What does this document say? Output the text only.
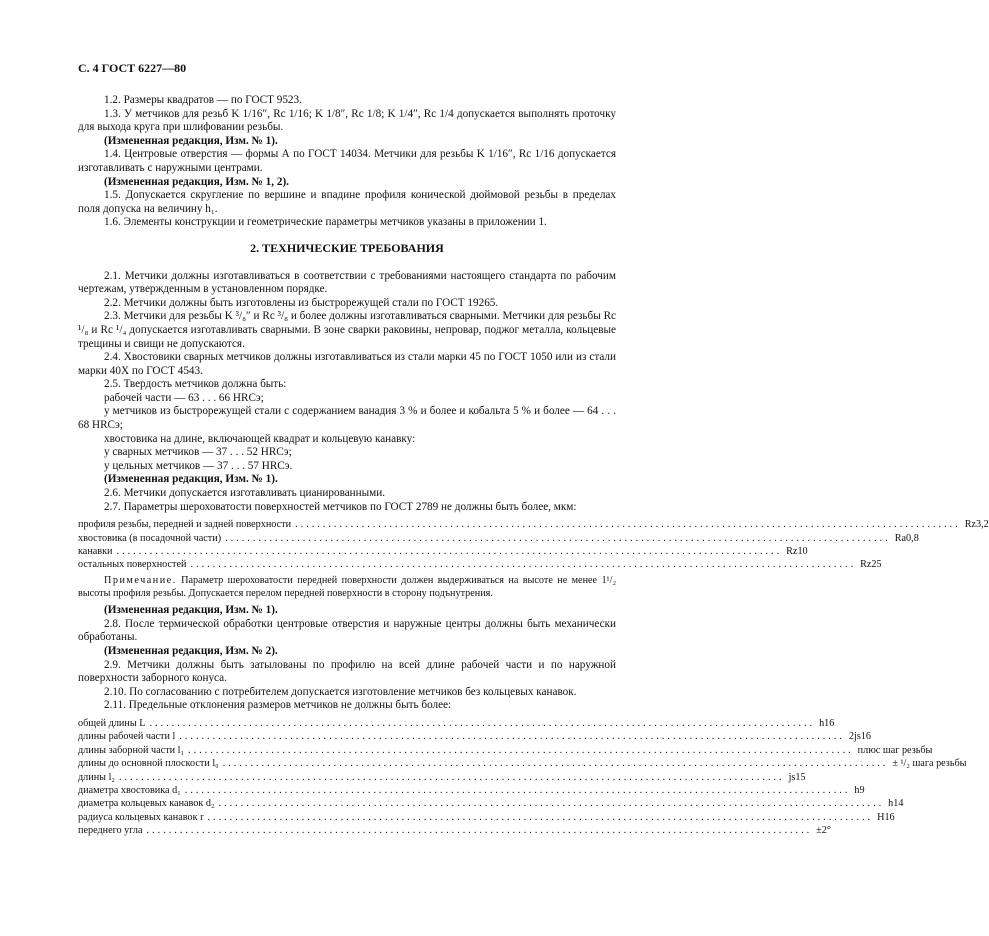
С. 4 ГОСТ 6227—80

1.2. Размеры квадратов — по ГОСТ 9523.

1.3. У метчиков для резьб K 1/16″, Rc 1/16; K 1/8″, Rc 1/8; K 1/4″, Rc 1/4 допускается выполнять проточку для выхода круга при шлифовании резьбы.

(Измененная редакция, Изм. № 1).

1.4. Центровые отверстия — формы А по ГОСТ 14034. Метчики для резьбы K 1/16″, Rc 1/16 допускается изготавливать с наружными центрами.

(Измененная редакция, Изм. № 1, 2).

1.5. Допускается скругление по вершине и впадине профиля конической дюймовой резьбы в пределах поля допуска на величину h₁.

1.6. Элементы конструкции и геометрические параметры метчиков указаны в приложении 1.

2. ТЕХНИЧЕСКИЕ ТРЕБОВАНИЯ

2.1. Метчики должны изготавливаться в соответствии с требованиями настоящего стандарта по рабочим чертежам, утвержденным в установленном порядке.

2.2. Метчики должны быть изготовлены из быстрорежущей стали по ГОСТ 19265.

2.3. Метчики для резьбы K ³/₈″ и Rc ³/₈ и более должны изготавливаться сварными. Метчики для резьбы Rc ¹/₈ и Rc ¹/₄ допускается изготавливать сварными. В зоне сварки раковины, непровар, поджог металла, кольцевые трещины и свищи не допускаются.

2.4. Хвостовики сварных метчиков должны изготавливаться из стали марки 45 по ГОСТ 1050 или из стали марки 40Х по ГОСТ 4543.

2.5. Твердость метчиков должна быть:

рабочей части — 63 . . . 66 HRCэ;

у метчиков из быстрорежущей стали с содержанием ванадия 3 % и более и кобальта 5 % и более — 64 . . . 68 HRCэ;

хвостовика на длине, включающей квадрат и кольцевую канавку:

у сварных метчиков — 37 . . . 52 HRCэ;

у цельных метчиков — 37 . . . 57 HRCэ.

(Измененная редакция, Изм. № 1).

2.6. Метчики допускается изготавливать цианированными.

2.7. Параметры шероховатости поверхностей метчиков по ГОСТ 2789 не должны быть более, мкм:

профиля резьбы, передней и задней поверхности ........................................................................................................................ Rz3,2
хвостовика (в посадочной части) ........................................................................................................................ Ra0,8
канавки ........................................................................................................................ Rz10
остальных поверхностей ........................................................................................................................ Rz25

Примечание. Параметр шероховатости передней поверхности должен выдерживаться на высоте не менее 1¹/₂ высоты профиля резьбы. Допускается перелом передней поверхности в сторону подънутрения.

(Измененная редакция, Изм. № 1).

2.8. После термической обработки центровые отверстия и наружные центры должны быть механически обработаны.

(Измененная редакция, Изм. № 2).

2.9. Метчики должны быть затылованы по профилю на всей длине рабочей части и по наружной поверхности заборного конуса.

2.10. По согласованию с потребителем допускается изготовление метчиков без кольцевых канавок.

2.11. Предельные отклонения размеров метчиков не должны быть более:

общей длины L ........................................................................................................................ h16
длины рабочей части l ........................................................................................................................ 2js16
длины заборной части l₁ ........................................................................................................................ плюс шаг резьбы
длины до основной плоскости l₀ ........................................................................................................................ ± ¹/₂ шага резьбы
длины l₂ ........................................................................................................................ js15
диаметра хвостовика d₁ ........................................................................................................................ h9
диаметра кольцевых канавок d₂ ........................................................................................................................ h14
радиуса кольцевых канавок r ........................................................................................................................ H16
переднего угла ........................................................................................................................ ±2°
